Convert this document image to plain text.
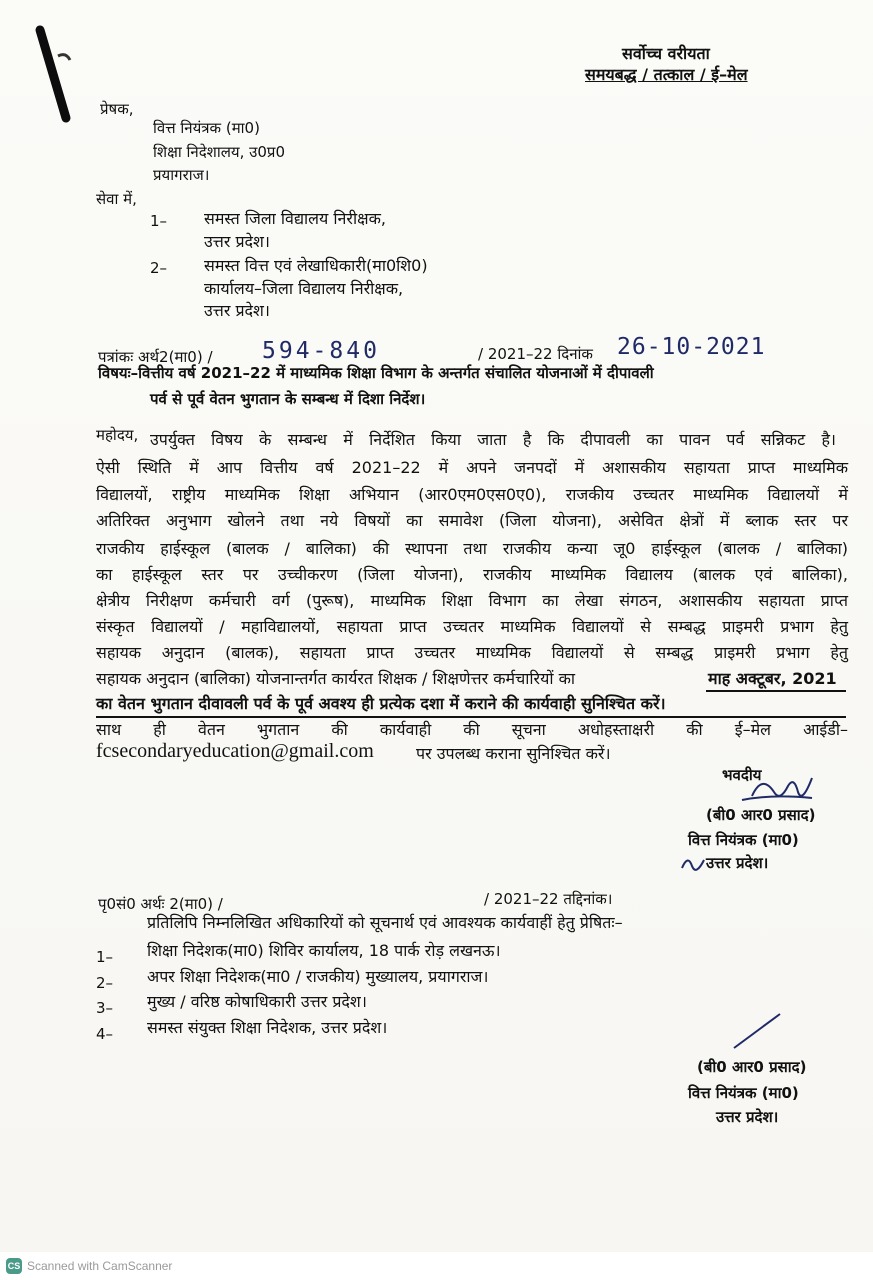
सर्वोच्च वरीयता
समयबद्ध / तत्काल / ई–मेल
प्रेषक,
वित्त नियंत्रक (मा0)
शिक्षा निदेशालय, उ0प्र0
प्रयागराज।
सेवा में,
1– समस्त जिला विद्यालय निरीक्षक,
उत्तर प्रदेश।
2– समस्त वित्त एवं लेखाधिकारी(मा0शि0)
कार्यालय–जिला विद्यालय निरीक्षक,
उत्तर प्रदेश।
पत्रांकः अर्थ2(मा0) / 594-840	/ 2021–22 दिनांक 26-10-2021
विषयः–वित्तीय वर्ष 2021–22 में माध्यमिक शिक्षा विभाग के अन्तर्गत संचालित योजनाओं में दीपावली
पर्व से पूर्व वेतन भुगतान के सम्बन्ध में दिशा निर्देश।
महोदय, उपर्युक्त विषय के सम्बन्ध में निर्देशित किया जाता है कि दीपावली का पावन पर्व सन्निकट है।
ऐसी स्थिति में आप वित्तीय वर्ष 2021–22 में अपने जनपदों में अशासकीय सहायता प्राप्त माध्यमिक
विद्यालयों, राष्ट्रीय माध्यमिक शिक्षा अभियान (आर0एम0एस0ए0), राजकीय उच्चतर माध्यमिक विद्यालयों में
अतिरिक्त अनुभाग खोलने तथा नये विषयों का समावेश (जिला योजना), असेवित क्षेत्रों में ब्लाक स्तर पर
राजकीय हाईस्कूल (बालक / बालिका) की स्थापना तथा राजकीय कन्या जू0 हाईस्कूल (बालक / बालिका)
का हाईस्कूल स्तर पर उच्चीकरण (जिला योजना), राजकीय माध्यमिक विद्यालय (बालक एवं बालिका),
क्षेत्रीय निरीक्षण कर्मचारी वर्ग (पुरूष), माध्यमिक शिक्षा विभाग का लेखा संगठन, अशासकीय सहायता प्राप्त
संस्कृत विद्यालयों / महाविद्यालयों, सहायता प्राप्त उच्चतर माध्यमिक विद्यालयों से सम्बद्ध प्राइमरी प्रभाग हेतु
सहायक अनुदान (बालक), सहायता प्राप्त उच्चतर माध्यमिक विद्यालयों से सम्बद्ध प्राइमरी प्रभाग हेतु
सहायक अनुदान (बालिका) योजनान्तर्गत कार्यरत शिक्षक / शिक्षणेत्तर कर्मचारियों का	माह अक्टूबर, 2021
का वेतन भुगतान दीवावली पर्व के पूर्व अवश्य ही प्रत्येक दशा में कराने की कार्यवाही सुनिश्चित करें।
साथ ही वेतन भुगतान की कार्यवाही की सूचना अधोहस्ताक्षरी की ई–मेल आईडी–
fcsecondaryeducation@gmail.com	पर उपलब्ध कराना सुनिश्चित करें।
भवदीय
(बी0 आर0 प्रसाद)
वित्त नियंत्रक (मा0)
उत्तर प्रदेश।
पृ0सं0 अर्थः 2(मा0) /	/ 2021–22 तद्दिनांक।
प्रतिलिपि निम्नलिखित अधिकारियों को सूचनार्थ एवं आवश्यक कार्यवाहीं हेतु प्रेषितः–
1– शिक्षा निदेशक(मा0) शिविर कार्यालय, 18 पार्क रोड़ लखनऊ।
2– अपर शिक्षा निदेशक(मा0 / राजकीय) मुख्यालय, प्रयागराज।
3– मुख्य / वरिष्ठ कोषाधिकारी उत्तर प्रदेश।
4– समस्त संयुक्त शिक्षा निदेशक, उत्तर प्रदेश।
(बी0 आर0 प्रसाद)
वित्त नियंत्रक (मा0)
उत्तर प्रदेश।
CS Scanned with CamScanner
